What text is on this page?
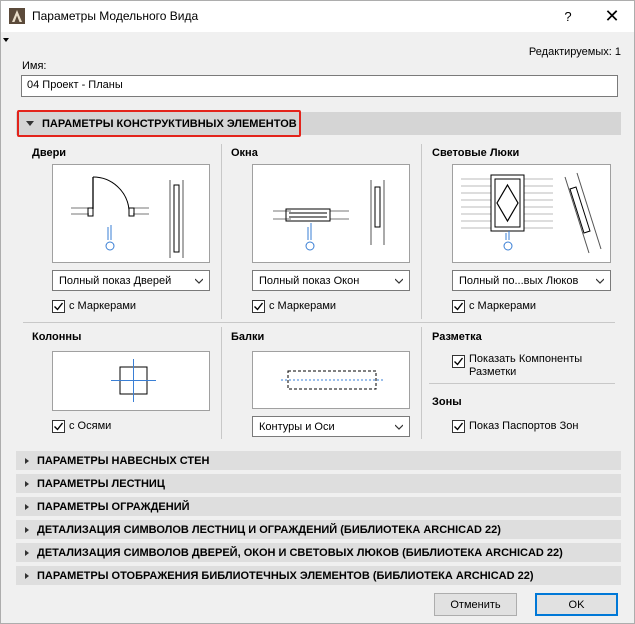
Параметры Модельного Вида	?	✕
Редактируемых: 1
Имя:
04 Проект - Планы
ПАРАМЕТРЫ КОНСТРУКТИВНЫХ ЭЛЕМЕНТОВ
Двери
Полный показ Дверей
с Маркерами
Окна
Полный показ Окон
с Маркерами
Световые Люки
Полный по...вых Люков
с Маркерами
Колонны
с Осями
Балки
Контуры и Оси
Разметка
Показать Компоненты
Разметки
Зоны
Показ Паспортов Зон
ПАРАМЕТРЫ НАВЕСНЫХ СТЕН
ПАРАМЕТРЫ ЛЕСТНИЦ
ПАРАМЕТРЫ ОГРАЖДЕНИЙ
ДЕТАЛИЗАЦИЯ СИМВОЛОВ ЛЕСТНИЦ И ОГРАЖДЕНИЙ (БИБЛИОТЕКА ARCHICAD 22)
ДЕТАЛИЗАЦИЯ СИМВОЛОВ ДВЕРЕЙ, ОКОН И СВЕТОВЫХ ЛЮКОВ (БИБЛИОТЕКА ARCHICAD 22)
ПАРАМЕТРЫ ОТОБРАЖЕНИЯ БИБЛИОТЕЧНЫХ ЭЛЕМЕНТОВ (БИБЛИОТЕКА ARCHICAD 22)
Отменить	OK
